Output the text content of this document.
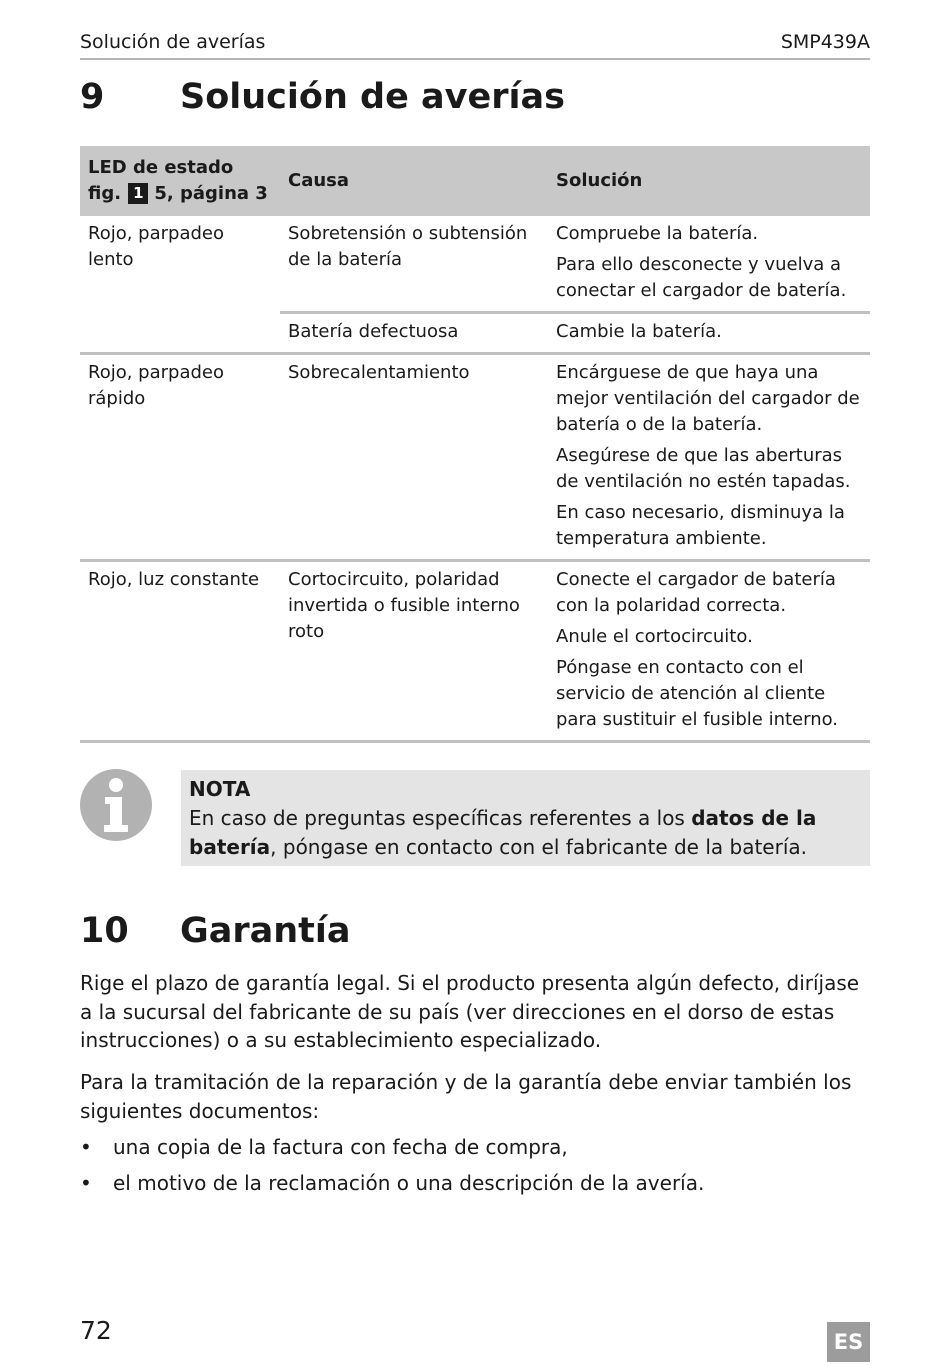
Solución de averías	SMP439A
9 Solución de averías
LED de estado
fig. 1 5, página 3	Causa	Solución
Rojo, parpadeo lento	Sobretensión o subtensión de la batería	Compruebe la batería.

Para ello desconecte y vuelva a conectar el cargador de batería.

	Batería defectuosa	Cambie la batería.

Rojo, parpadeo rápido	Sobrecalentamiento	Encárguese de que haya una mejor ventilación del cargador de batería o de la batería.

Asegúrese de que las aberturas de ventilación no estén tapadas.

En caso necesario, disminuya la temperatura ambiente.

Rojo, luz constante	Cortocircuito, polaridad invertida o fusible interno roto	Conecte el cargador de batería con la polaridad correcta.

Anule el cortocircuito.

Póngase en contacto con el servicio de atención al cliente para sustituir el fusible interno.

NOTA
En caso de preguntas específicas referentes a los datos de la batería, póngase en contacto con el fabricante de la batería.
10 Garantía

Rige el plazo de garantía legal. Si el producto presenta algún defecto, diríjase a la sucursal del fabricante de su país (ver direcciones en el dorso de estas instrucciones) o a su establecimiento especializado.

Para la tramitación de la reparación y de la garantía debe enviar también los siguientes documentos:

• una copia de la factura con fecha de compra,
• el motivo de la reclamación o una descripción de la avería.
72	ES
